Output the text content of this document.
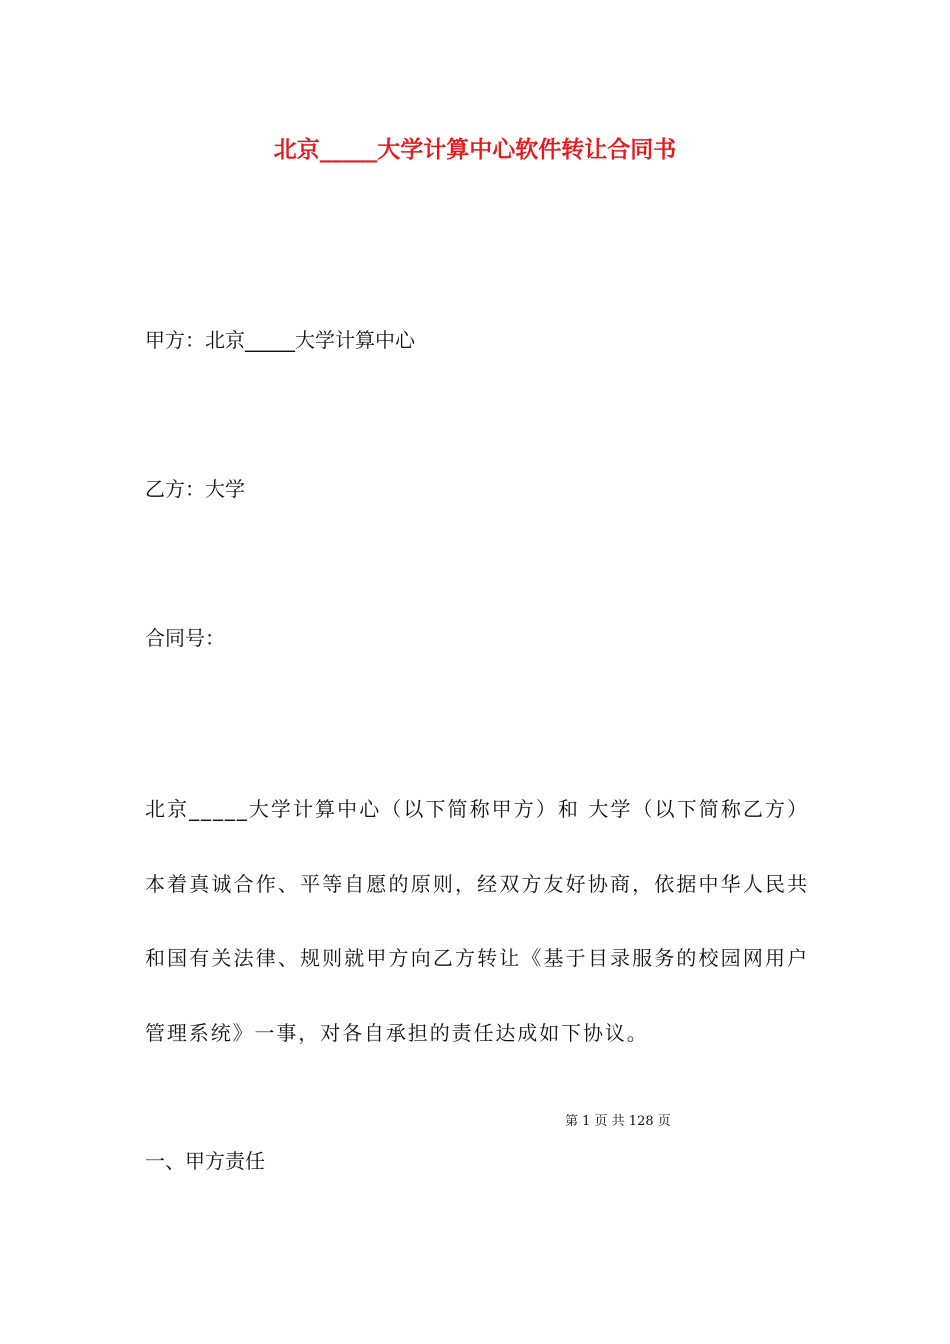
北京_____大学计算中心软件转让合同书
甲方：北京_____大学计算中心
乙方：大学
合同号：

北京_____大学计算中心（以下简称甲方）和 大学（以下简称乙方）本着真诚合作、平等自愿的原则，经双方友好协商，依据中华人民共和国有关法律、规则就甲方向乙方转让《基于目录服务的校园网用户管理系统》一事，对各自承担的责任达成如下协议。

第 1 页 共 128 页
一、甲方责任
